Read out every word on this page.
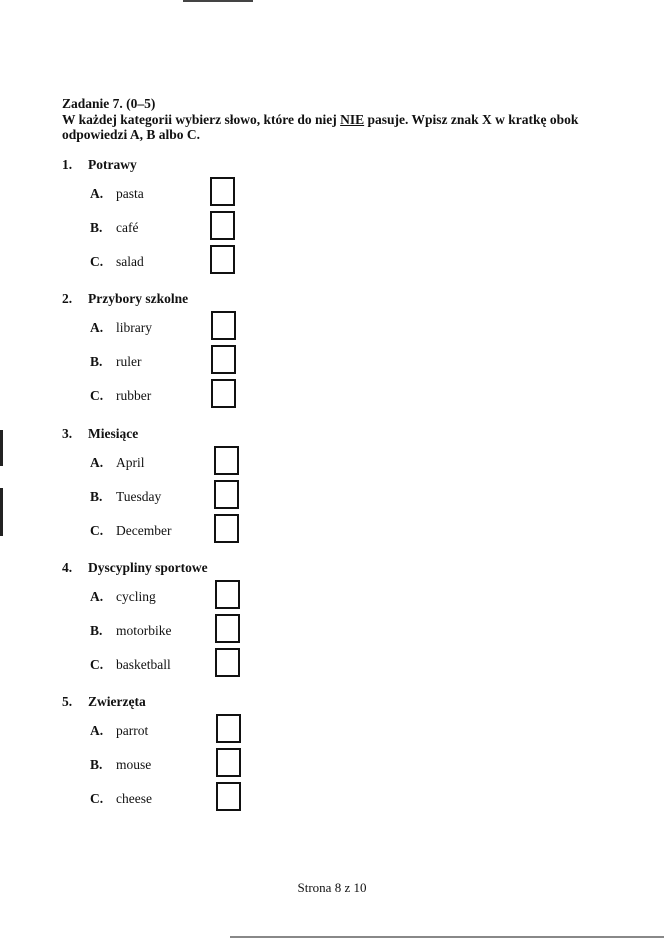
Zadanie 7. (0–5)
W każdej kategorii wybierz słowo, które do niej NIE pasuje. Wpisz znak X w kratkę obok odpowiedzi A, B albo C.
1. Potrawy
A. pasta
B. café
C. salad
2. Przybory szkolne
A. library
B. ruler
C. rubber
3. Miesiące
A. April
B. Tuesday
C. December
4. Dyscypliny sportowe
A. cycling
B. motorbike
C. basketball
5. Zwierzęta
A. parrot
B. mouse
C. cheese
Strona 8 z 10
